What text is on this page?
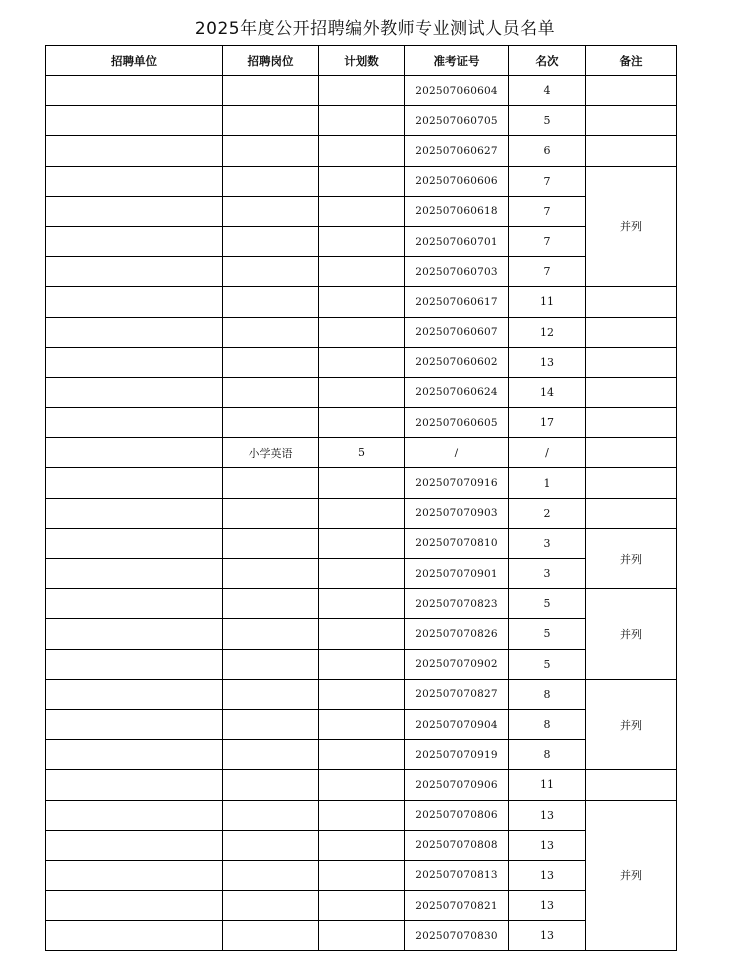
2025年度公开招聘编外教师专业测试人员名单
招聘单位	招聘岗位	计划数	准考证号	名次	备注
			202507060604	4	
			202507060705	5	
			202507060627	6	
			202507060606	7	并列
			202507060618	7	
			202507060701	7	
			202507060703	7	
			202507060617	11	
			202507060607	12	
			202507060602	13	
			202507060624	14	
			202507060605	17	
	小学英语	5	/	/	
			202507070916	1	
			202507070903	2	
			202507070810	3	并列
			202507070901	3	
			202507070823	5	并列
			202507070826	5	
			202507070902	5	
			202507070827	8	并列
			202507070904	8	
			202507070919	8	
			202507070906	11	
			202507070806	13	并列
			202507070808	13	
			202507070813	13	
			202507070821	13	
			202507070830	13	
